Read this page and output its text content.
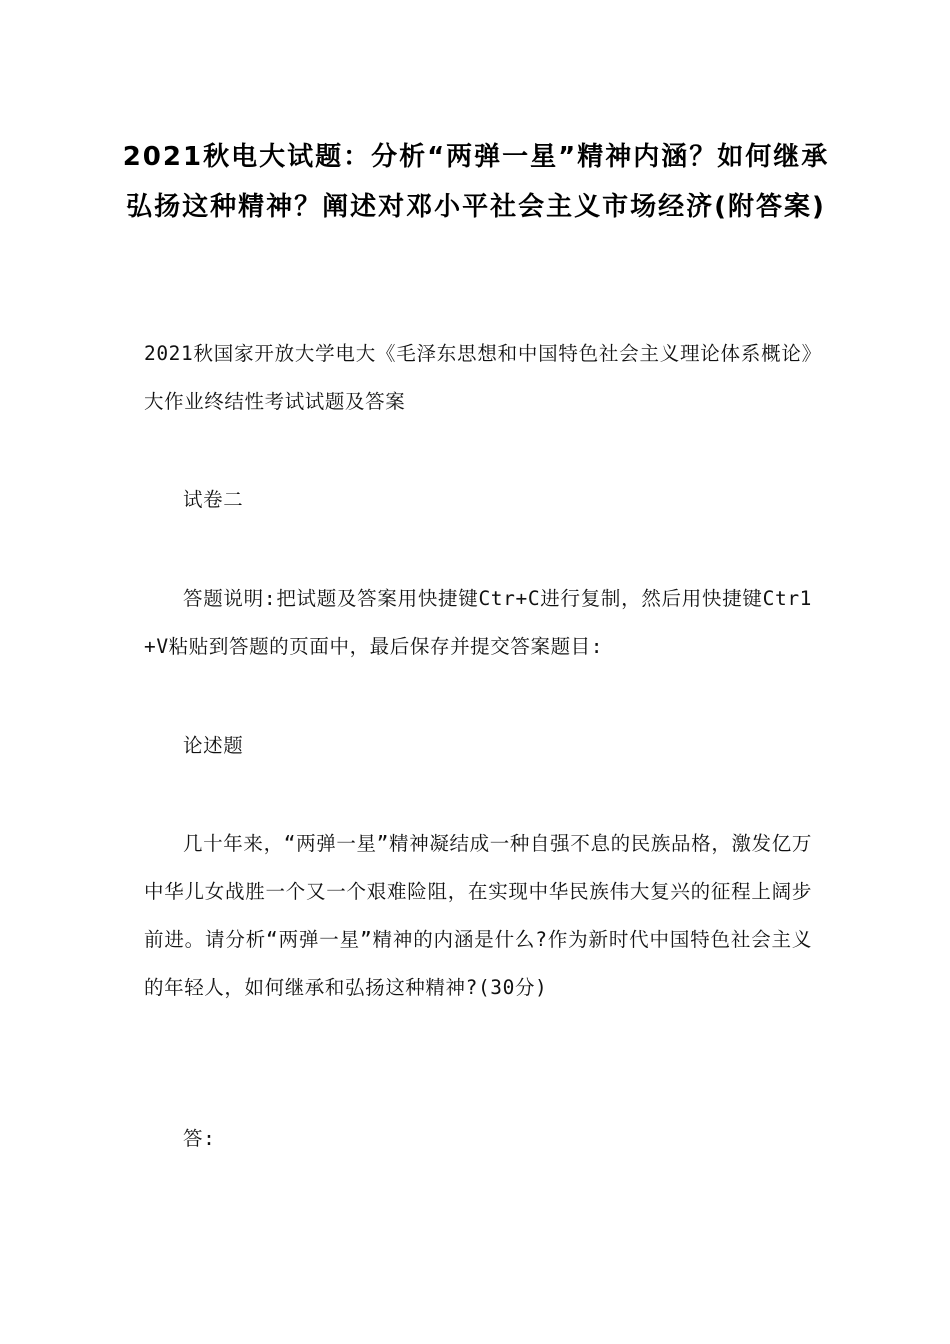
2021秋电大试题：分析“两弹一星”精神内涵？如何继承弘扬这种精神？阐述对邓小平社会主义市场经济(附答案)
2021秋国家开放大学电大《毛泽东思想和中国特色社会主义理论体系概论》大作业终结性考试试题及答案
试卷二
答题说明:把试题及答案用快捷键Ctr+C进行复制，然后用快捷键Ctr1+V粘贴到答题的页面中，最后保存并提交答案题目:
论述题
几十年来，“两弹一星”精神凝结成一种自强不息的民族品格，激发亿万中华儿女战胜一个又一个艰难险阻，在实现中华民族伟大复兴的征程上阔步前进。请分析“两弹一星”精神的内涵是什么?作为新时代中国特色社会主义的年轻人，如何继承和弘扬这种精神?(30分)
答:
